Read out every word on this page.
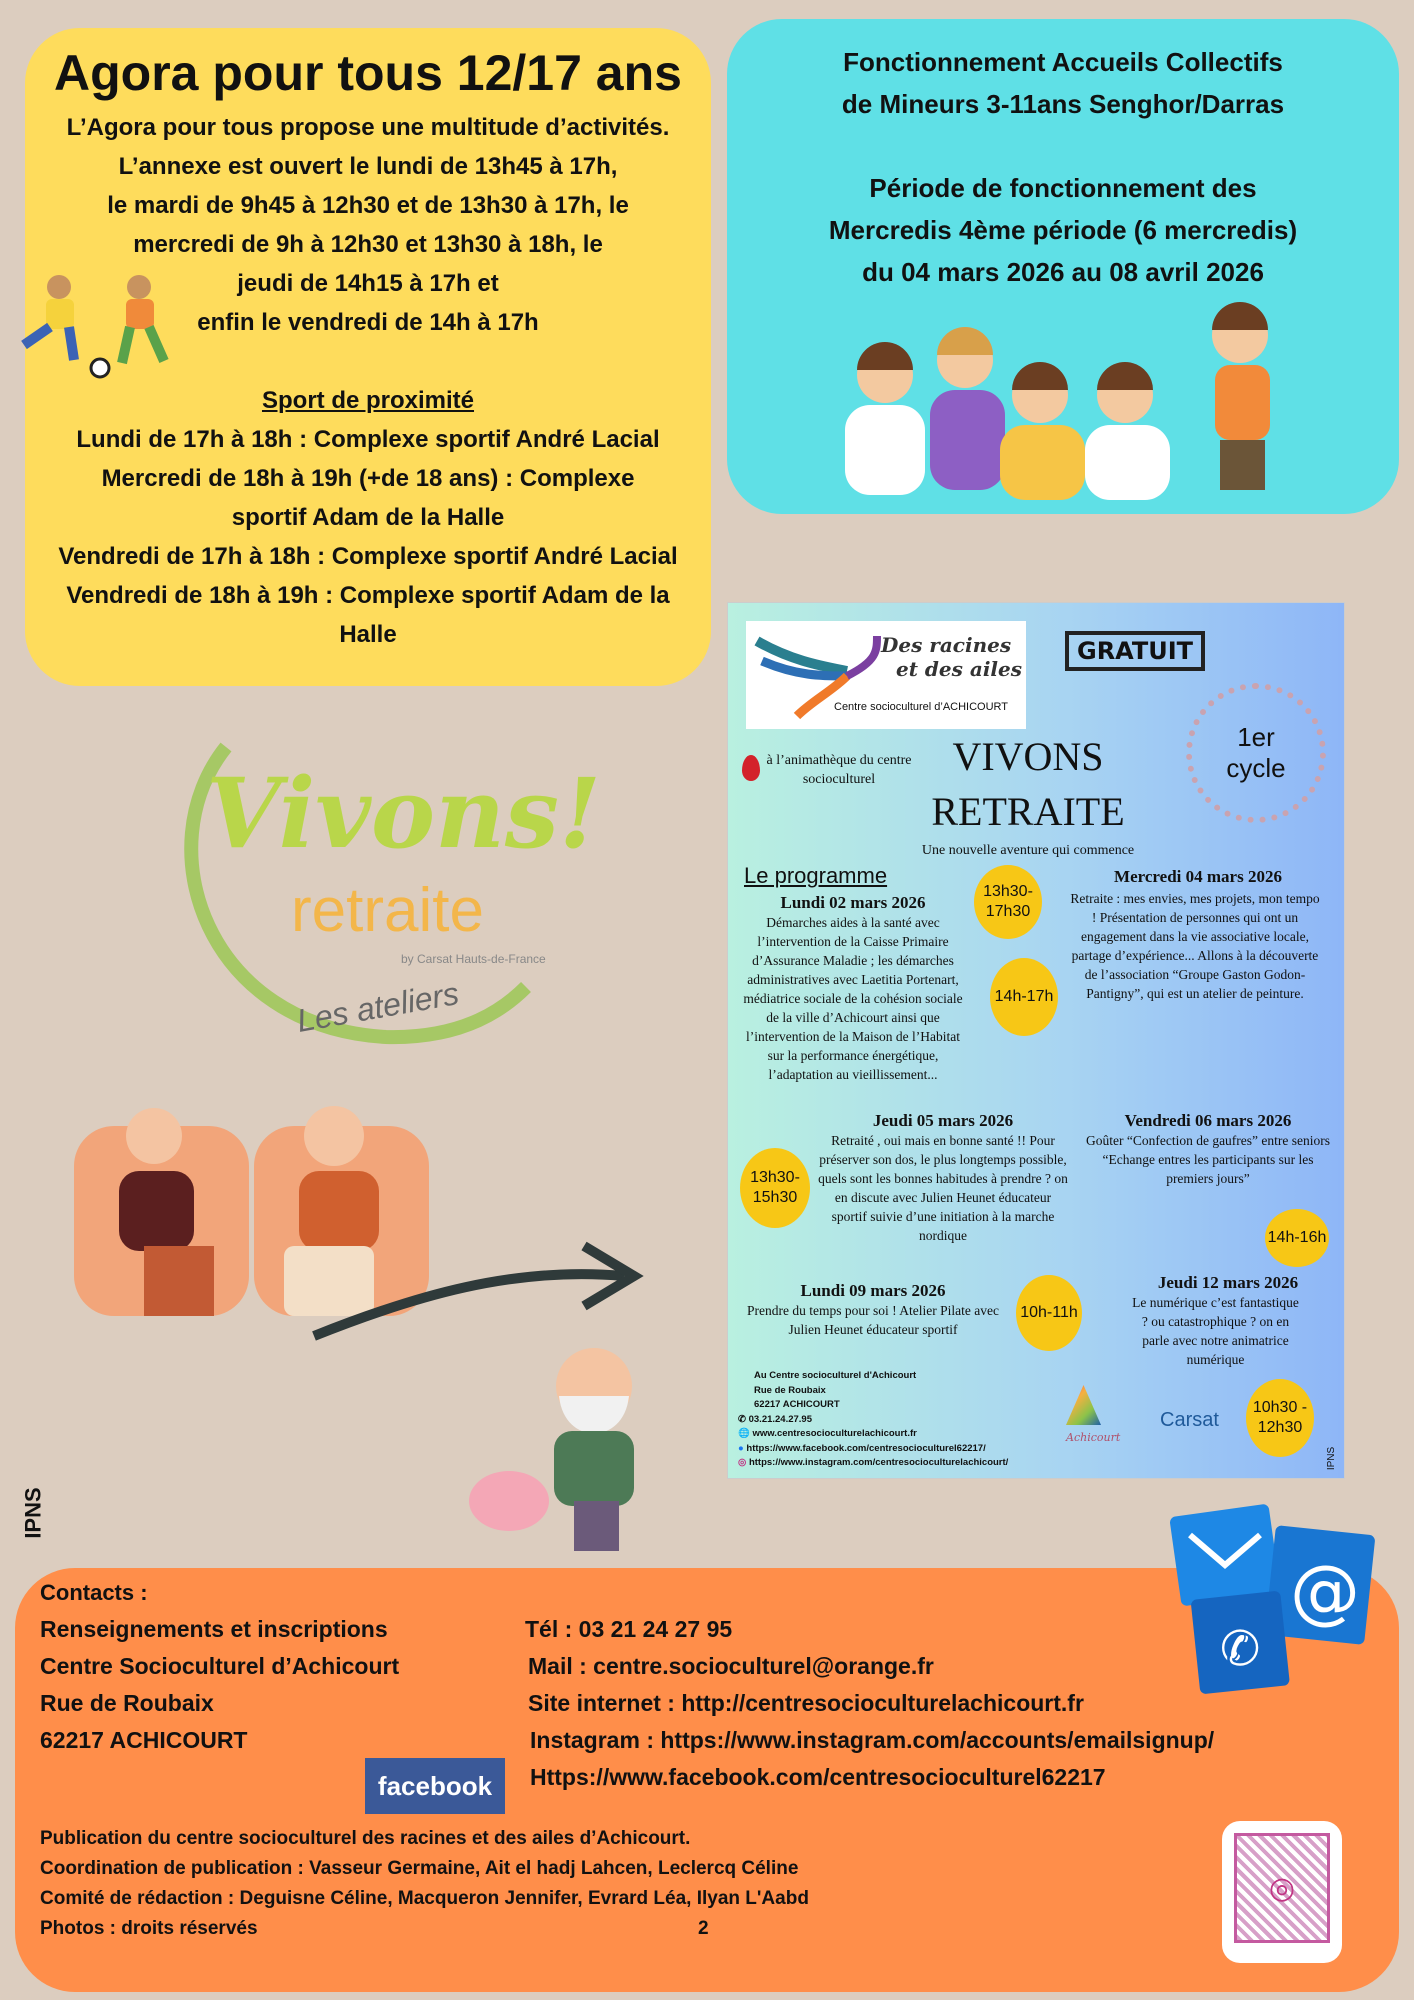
Agora pour tous 12/17 ans

L’Agora pour tous propose une multitude d’activités.

L’annexe est ouvert le lundi de 13h45 à 17h,

le mardi de 9h45 à 12h30 et de 13h30 à 17h, le

mercredi de 9h à 12h30 et 13h30 à 18h, le

jeudi de 14h15 à 17h et

enfin le vendredi de 14h à 17h

Sport de proximité

Lundi de 17h à 18h : Complexe sportif André Lacial

Mercredi de 18h à 19h (+de 18 ans) : Complexe

sportif Adam de la Halle

Vendredi de 17h à 18h : Complexe sportif André Lacial

Vendredi de 18h à 19h : Complexe sportif Adam de la

Halle

Fonctionnement Accueils Collectifs

de Mineurs 3-11ans Senghor/Darras

Période de fonctionnement des

Mercredis 4ème période (6 mercredis)

du 04 mars 2026 au 08 avril 2026

Vivons!
retraite
by Carsat Hauts-de-France
Les ateliers
IPNS
Des racines
et des ailes
Centre socioculturel d’ACHICOURT
GRATUIT
1er cycle
à l’animathèque du centre socioculturel
VIVONS
RETRAITE
Une nouvelle aventure qui commence
Le programme
Lundi 02 mars 2026
Démarches aides à la santé avec l’intervention de la Caisse Primaire d’Assurance Maladie ; les démarches administratives avec Laetitia Portenart, médiatrice sociale de la cohésion sociale de la ville d’Achicourt ainsi que l’intervention de la Maison de l’Habitat sur la performance énergétique, l’adaptation au vieillissement...
13h30-17h30
Mercredi 04 mars 2026
Retraite : mes envies, mes projets, mon tempo ! Présentation de personnes qui ont un engagement dans la vie associative locale, partage d’expérience... Allons à la découverte de l’association “Groupe Gaston Godon-Pantigny”, qui est un atelier de peinture.
14h-17h
Jeudi 05 mars 2026
Retraité , oui mais en bonne santé !! Pour préserver son dos, le plus longtemps possible, quels sont les bonnes habitudes à prendre ? on en discute avec Julien Heunet éducateur sportif suivie d’une initiation à la marche nordique
13h30-15h30
Vendredi 06 mars 2026
Goûter “Confection de gaufres” entre seniors “Echange entres les participants sur les premiers jours”
14h-16h
Lundi 09 mars 2026
Prendre du temps pour soi ! Atelier Pilate avec Julien Heunet éducateur sportif
10h-11h
Jeudi 12 mars 2026
Le numérique c’est fantastique ? ou catastrophique ? on en parle avec notre animatrice numérique
10h30 - 12h30
Au Centre socioculturel d'Achicourt
Rue de Roubaix
62217 ACHICOURT
✆ 03.21.24.27.95
🌐 www.centresocioculturelachicourt.fr
● https://www.facebook.com/centresocioculturel62217/
◎ https://www.instagram.com/centresocioculturelachicourt/
Achicourt
Carsat
IPNS
Contacts :
Renseignements et inscriptions
Centre Socioculturel d’Achicourt
Rue de Roubaix
62217 ACHICOURT
Tél : 03 21 24 27 95
Mail : centre.socioculturel@orange.fr
Site internet : http://centresocioculturelachicourt.fr
Instagram : https://www.instagram.com/accounts/emailsignup/
Https://www.facebook.com/centresocioculturel62217
facebook
Publication du centre socioculturel des racines et des ailes d’Achicourt.
Coordination de publication : Vasseur Germaine, Ait el hadj Lahcen, Leclercq Céline
Comité de rédaction : Deguisne Céline, Macqueron Jennifer, Evrard Léa, Ilyan L'Aabd
Photos : droits réservés	2
◎
@
✆
